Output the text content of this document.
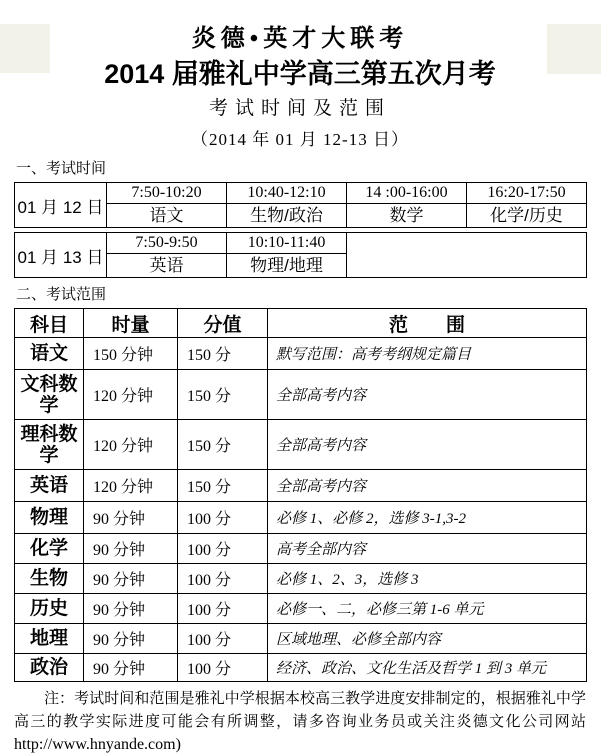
炎德•英才大联考
2014 届雅礼中学高三第五次月考
考试时间及范围
（2014 年 01 月 12-13 日）
一、考试时间
01 月 12 日	7:50-10:20	10:40-12:10	14 :00-16:00	16:20-17:50
	语文	生物/政治	数学	化学/历史
01 月 13 日	7:50-9:50	10:10-11:40	
	英语	物理/地理	
二、考试范围
科目	时量	分值	范　　围
语文	150 分钟	150 分	默写范围：高考考纲规定篇目
文科数学	120 分钟	150 分	全部高考内容
理科数学	120 分钟	150 分	全部高考内容
英语	120 分钟	150 分	全部高考内容
物理	90 分钟	100 分	必修 1、必修 2，选修 3-1,3-2
化学	90 分钟	100 分	高考全部内容
生物	90 分钟	100 分	必修 1、2、3，选修 3
历史	90 分钟	100 分	必修一、二，必修三第 1-6 单元
地理	90 分钟	100 分	区域地理、必修全部内容
政治	90 分钟	100 分	经济、政治、文化生活及哲学 1 到 3 单元

注：考试时间和范围是雅礼中学根据本校高三教学进度安排制定的，根据雅礼中学高三的教学实际进度可能会有所调整，请多咨询业务员或关注炎德文化公司网站 http://www.hnyande.com)
